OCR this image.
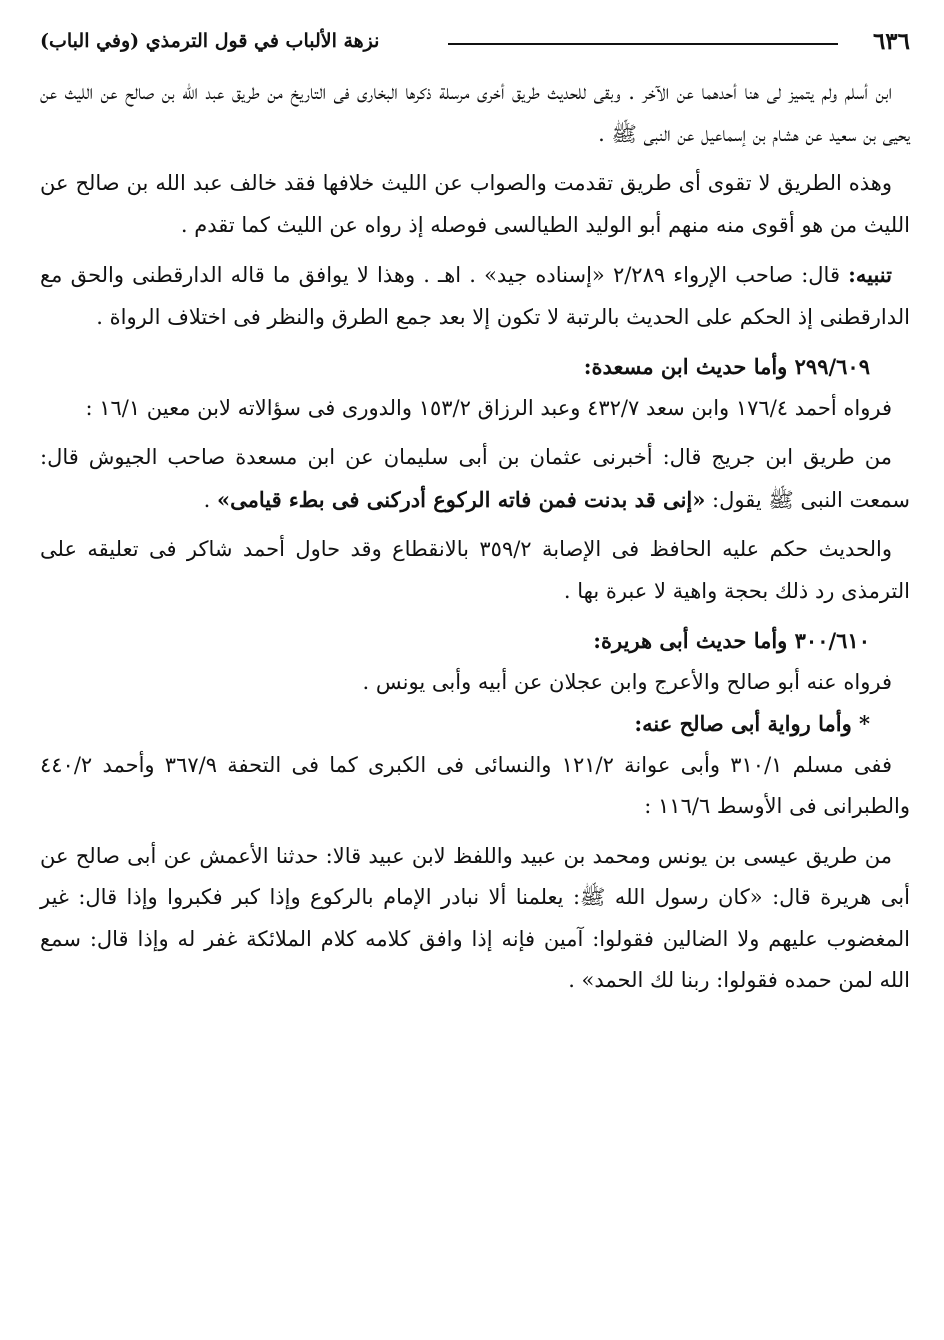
٦٣٦
نزهة الألباب في قول الترمذي (وفي الباب)

ابن أسلم ولم يتميز لى هنا أحدهما عن الآخر . وبقى للحديث طريق أخرى مرسلة ذكرها البخارى فى التاريخ من طريق عبد الله بن صالح عن الليث عن يحيى بن سعيد عن هشام بن إسماعيل عن النبى ﷺ .

وهذه الطريق لا تقوى أى طريق تقدمت والصواب عن الليث خلافها فقد خالف عبد الله بن صالح عن الليث من هو أقوى منه منهم أبو الوليد الطيالسى فوصله إذ رواه عن الليث كما تقدم .

تنبيه: قال: صاحب الإرواء ٢/٢٨٩ «إسناده جيد» . اهـ . وهذا لا يوافق ما قاله الدارقطنى والحق مع الدارقطنى إذ الحكم على الحديث بالرتبة لا تكون إلا بعد جمع الطرق والنظر فى اختلاف الرواة .

٢٩٩/٦٠٩ وأما حديث ابن مسعدة:

فرواه أحمد ١٧٦/٤ وابن سعد ٤٣٢/٧ وعبد الرزاق ١٥٣/٢ والدورى فى سؤالاته لابن معين ١٦/١ :

من طريق ابن جريج قال: أخبرنى عثمان بن أبى سليمان عن ابن مسعدة صاحب الجيوش قال: سمعت النبى ﷺ يقول: «إنى قد بدنت فمن فاته الركوع أدركنى فى بطء قيامى» .

والحديث حكم عليه الحافظ فى الإصابة ٣٥٩/٢ بالانقطاع وقد حاول أحمد شاكر فى تعليقه على الترمذى رد ذلك بحجة واهية لا عبرة بها .

٣٠٠/٦١٠ وأما حديث أبى هريرة:

فرواه عنه أبو صالح والأعرج وابن عجلان عن أبيه وأبى يونس .

* وأما رواية أبى صالح عنه:

ففى مسلم ٣١٠/١ وأبى عوانة ١٢١/٢ والنسائى فى الكبرى كما فى التحفة ٣٦٧/٩ وأحمد ٤٤٠/٢ والطبرانى فى الأوسط ١١٦/٦ :

من طريق عيسى بن يونس ومحمد بن عبيد واللفظ لابن عبيد قالا: حدثنا الأعمش عن أبى صالح عن أبى هريرة قال: «كان رسول الله ﷺ: يعلمنا ألا نبادر الإمام بالركوع وإذا كبر فكبروا وإذا قال: غير المغضوب عليهم ولا الضالين فقولوا: آمين فإنه إذا وافق كلامه كلام الملائكة غفر له وإذا قال: سمع الله لمن حمده فقولوا: ربنا لك الحمد» .
